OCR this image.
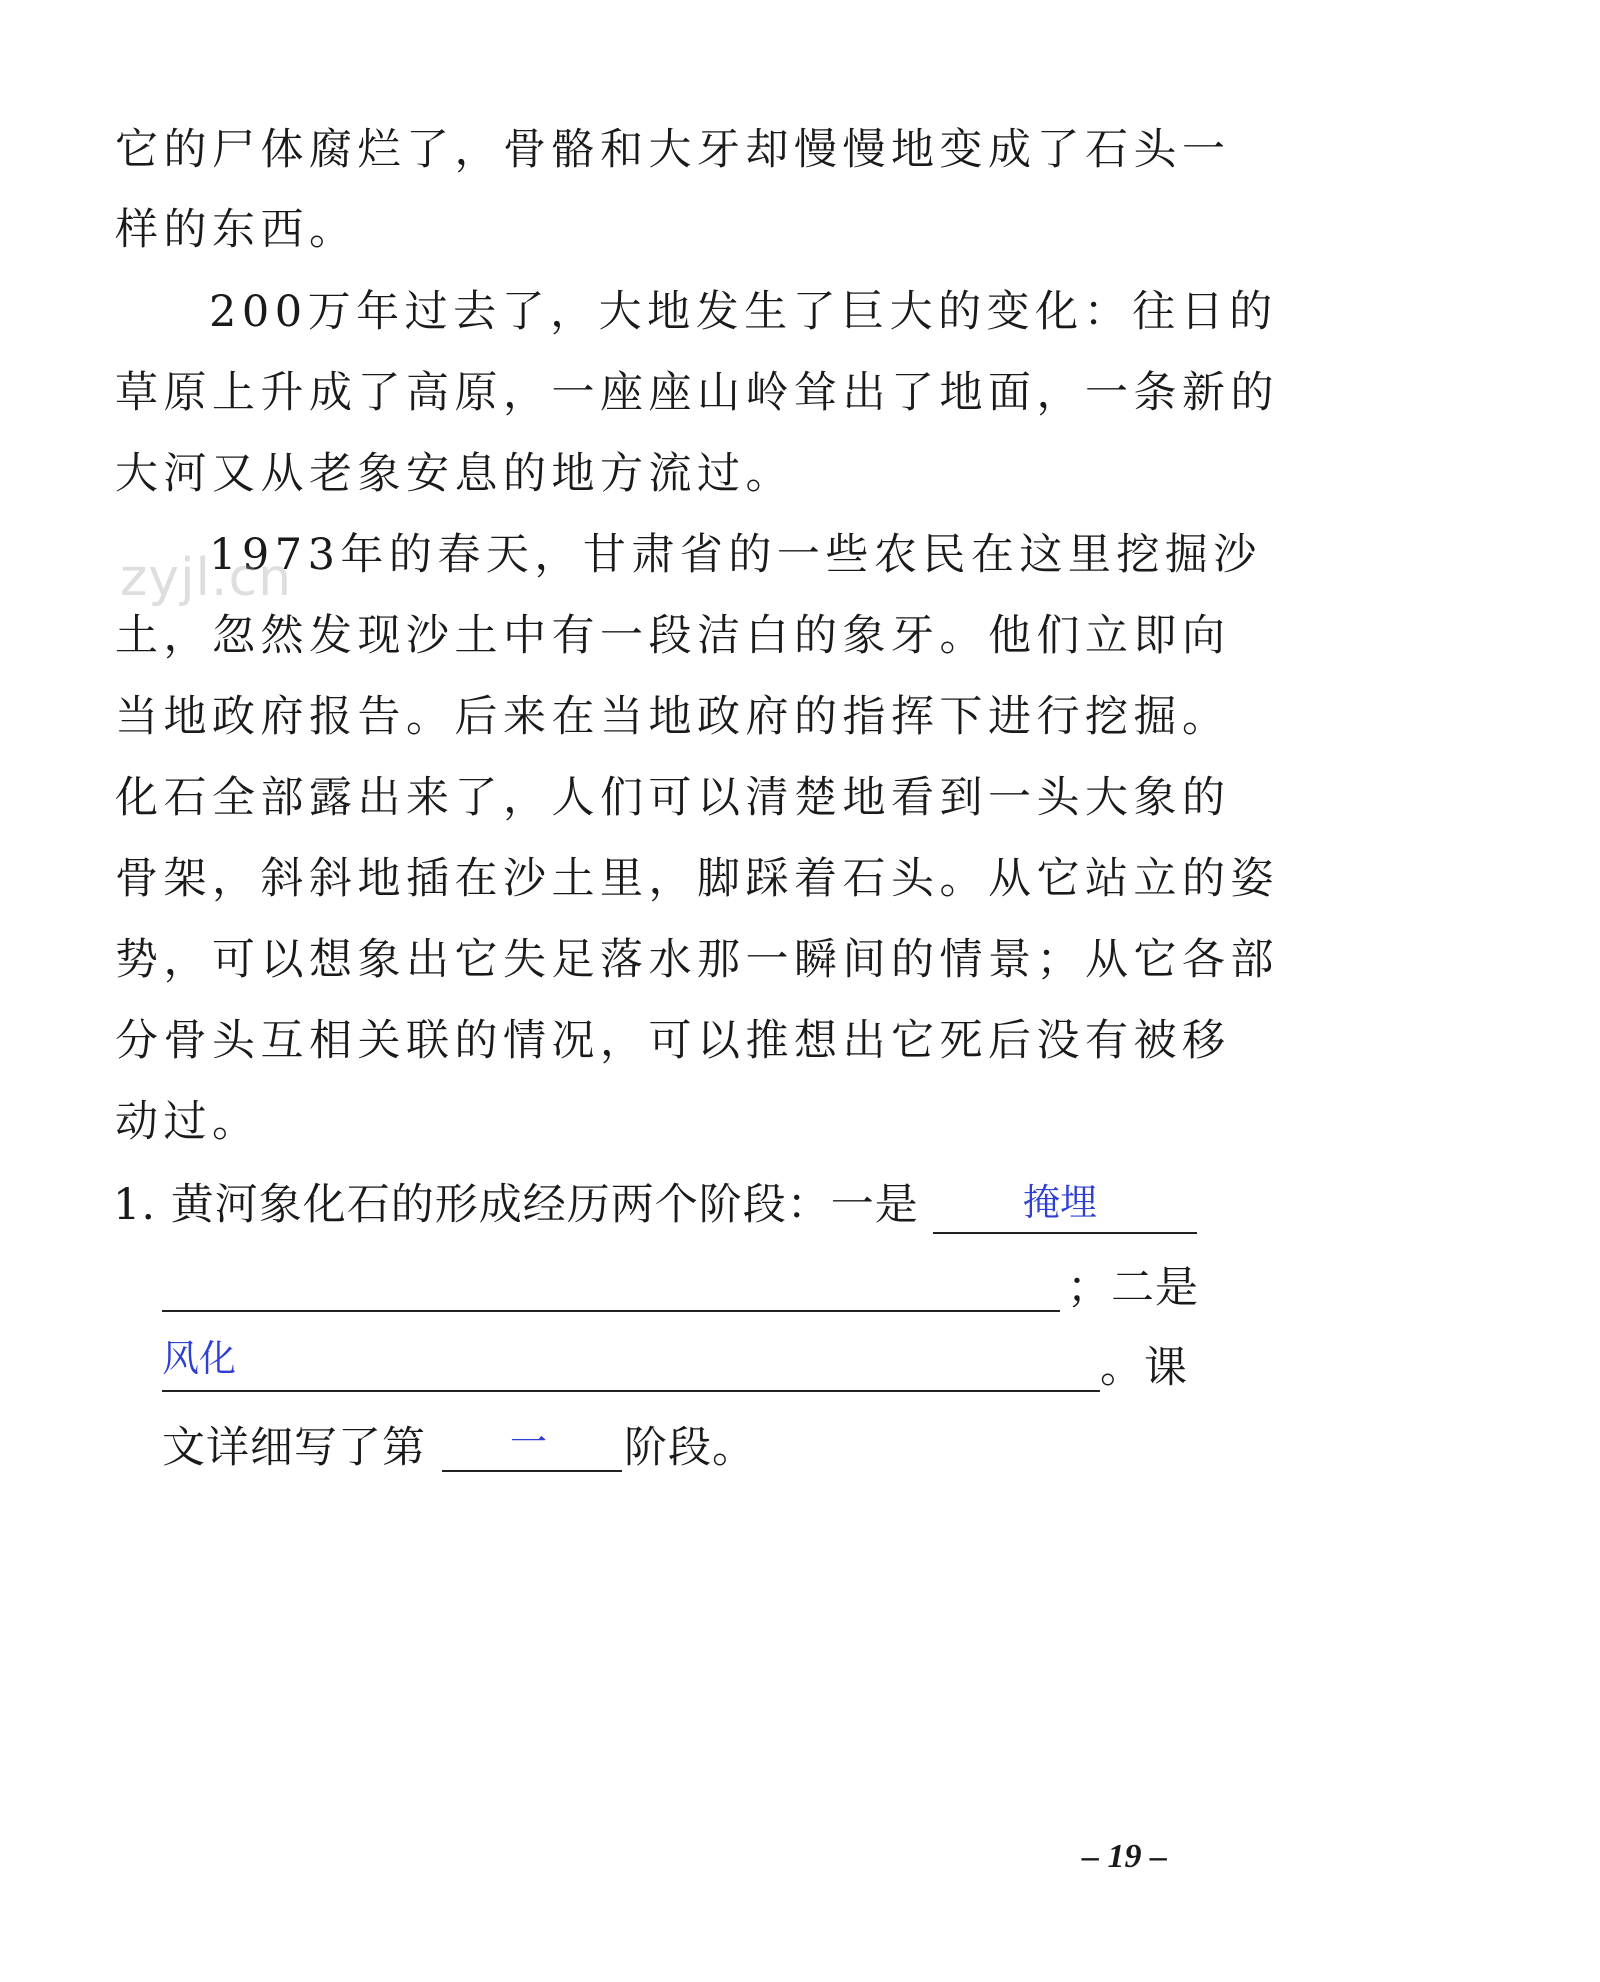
它的尸体腐烂了，骨骼和大牙却慢慢地变成了石头一
样的东西。
200万年过去了，大地发生了巨大的变化：往日的
草原上升成了高原，一座座山岭耸出了地面，一条新的
大河又从老象安息的地方流过。
1973年的春天，甘肃省的一些农民在这里挖掘沙
土，忽然发现沙土中有一段洁白的象牙。他们立即向
当地政府报告。后来在当地政府的指挥下进行挖掘。
化石全部露出来了，人们可以清楚地看到一头大象的
骨架，斜斜地插在沙土里，脚踩着石头。从它站立的姿
势，可以想象出它失足落水那一瞬间的情景；从它各部
分骨头互相关联的情况，可以推想出它死后没有被移
动过。
zyjl.cn
1. 黄河象化石的形成经历两个阶段：一是	掩埋
；二是
风化	。课
文详细写了第 一 阶段。
– 19 –
